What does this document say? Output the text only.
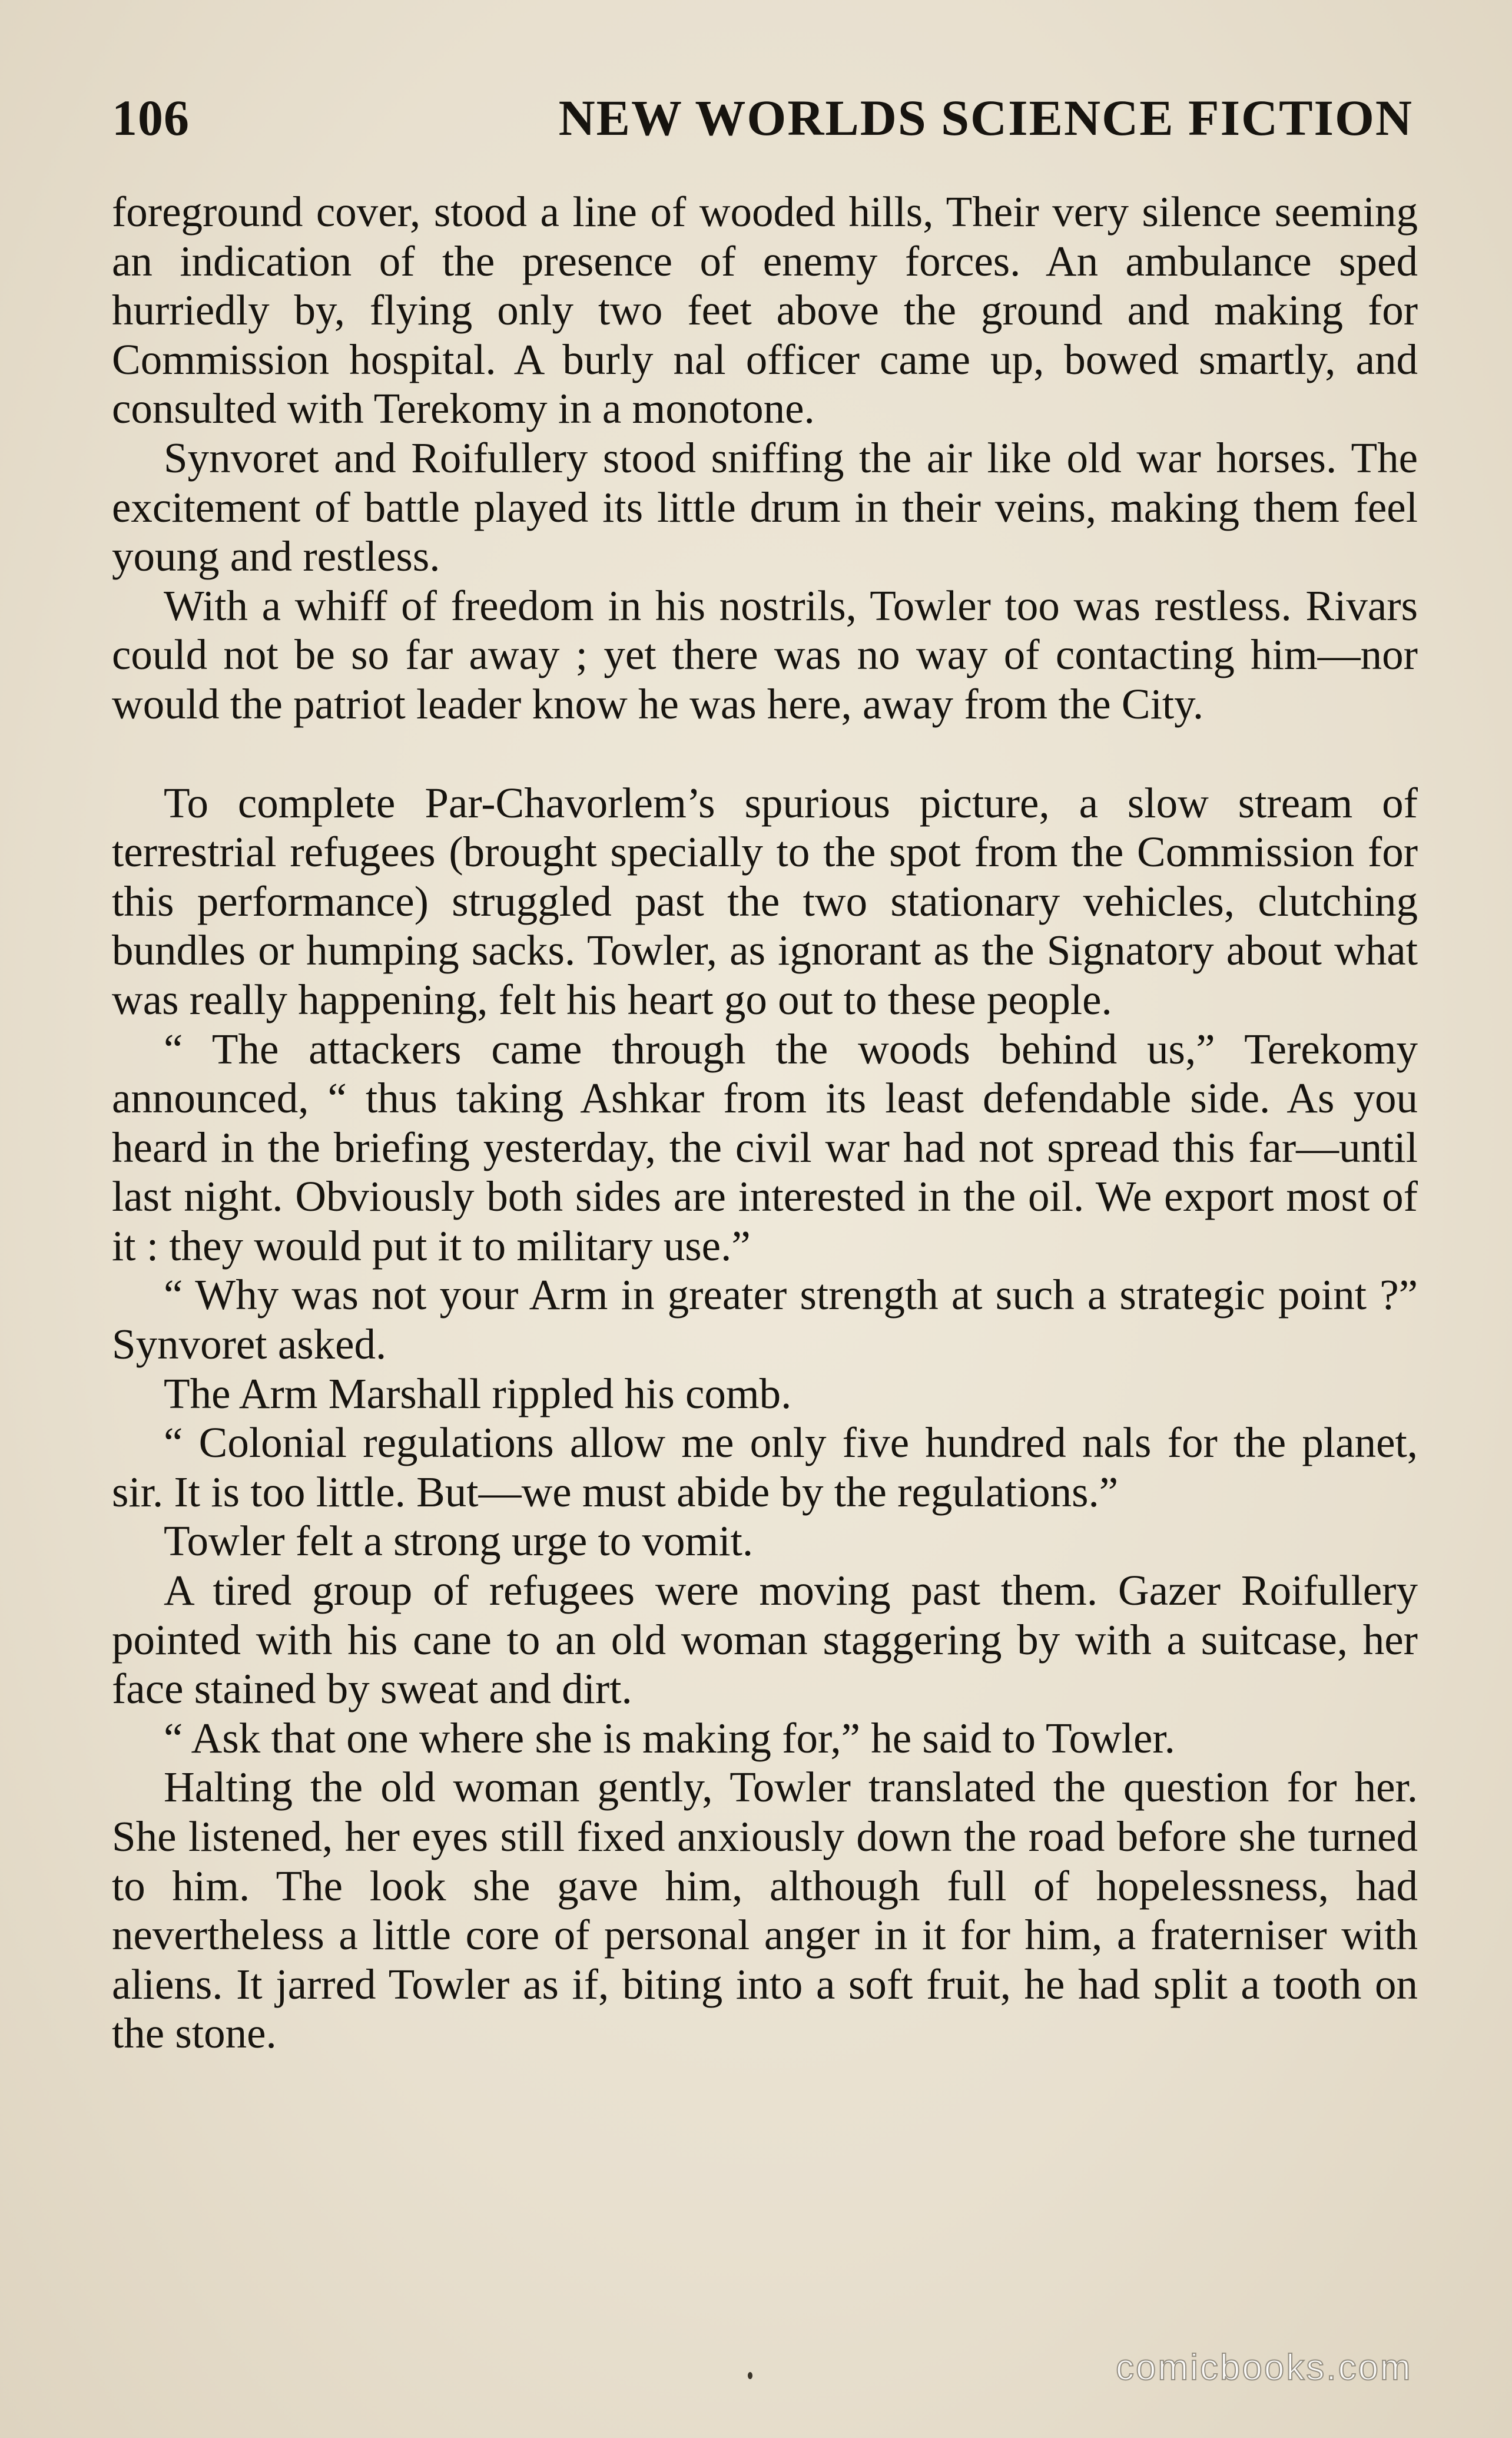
106	NEW WORLDS SCIENCE FICTION

foreground cover, stood a line of wooded hills, Their very silence seeming an indication of the presence of enemy forces. An ambulance sped hurriedly by, flying only two feet above the ground and making for Commission hospital. A burly nal officer came up, bowed smartly, and consulted with Terekomy in a monotone.

Synvoret and Roifullery stood sniffing the air like old war horses. The excitement of battle played its little drum in their veins, making them feel young and restless.

With a whiff of freedom in his nostrils, Towler too was restless. Rivars could not be so far away ; yet there was no way of contacting him—nor would the patriot leader know he was here, away from the City.

To complete Par-Chavorlem’s spurious picture, a slow stream of terrestrial refugees (brought specially to the spot from the Commission for this performance) struggled past the two stationary vehicles, clutching bundles or humping sacks. Towler, as ignorant as the Signatory about what was really happening, felt his heart go out to these people.

“ The attackers came through the woods behind us,” Terekomy announced, “ thus taking Ashkar from its least defendable side. As you heard in the briefing yesterday, the civil war had not spread this far—until last night. Obviously both sides are interested in the oil. We export most of it : they would put it to military use.”

“ Why was not your Arm in greater strength at such a strategic point ?” Synvoret asked.

The Arm Marshall rippled his comb.

“ Colonial regulations allow me only five hundred nals for the planet, sir. It is too little. But—we must abide by the regulations.”

Towler felt a strong urge to vomit.

A tired group of refugees were moving past them. Gazer Roifullery pointed with his cane to an old woman staggering by with a suitcase, her face stained by sweat and dirt.

“ Ask that one where she is making for,” he said to Towler.

Halting the old woman gently, Towler translated the question for her. She listened, her eyes still fixed anxiously down the road before she turned to him. The look she gave him, although full of hopelessness, had nevertheless a little core of personal anger in it for him, a fraterniser with aliens. It jarred Towler as if, biting into a soft fruit, he had split a tooth on the stone.

comicbooks.com
